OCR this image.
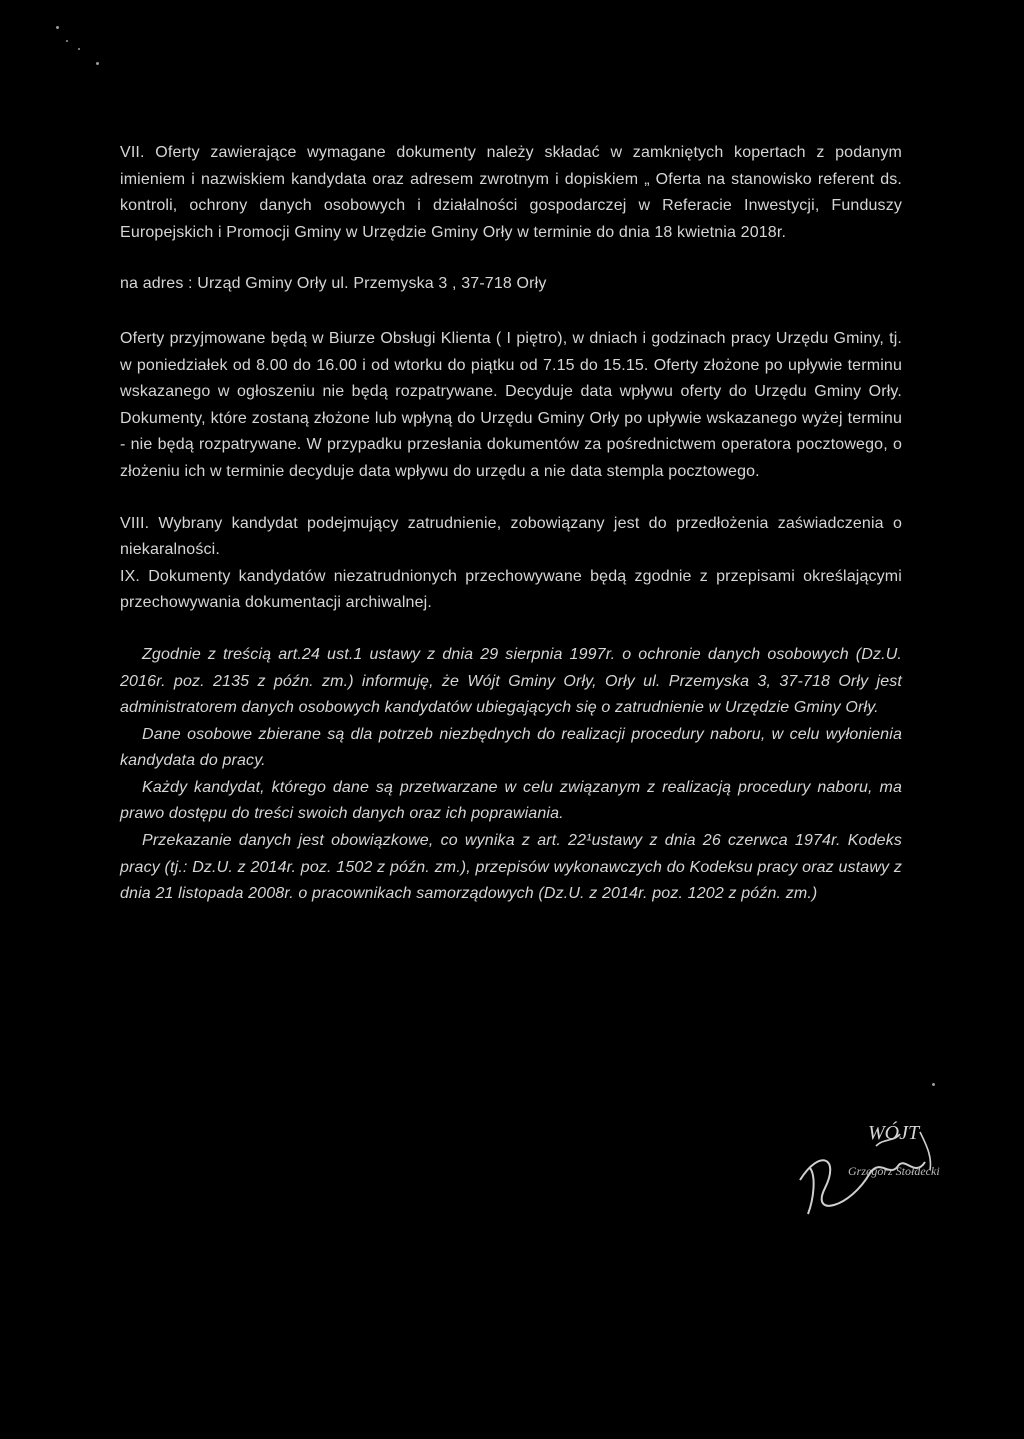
VII. Oferty zawierające wymagane dokumenty należy składać w zamkniętych kopertach z podanym imieniem i nazwiskiem kandydata oraz adresem zwrotnym i dopiskiem „ Oferta na stanowisko referent ds. kontroli, ochrony danych osobowych i działalności gospodarczej w Referacie Inwestycji, Funduszy Europejskich i Promocji Gminy w Urzędzie Gminy Orły w terminie do dnia 18 kwietnia 2018r.

na adres : Urząd Gminy Orły ul. Przemyska 3 , 37-718 Orły

Oferty przyjmowane będą w Biurze Obsługi Klienta ( I piętro), w dniach i godzinach pracy Urzędu Gminy, tj. w poniedziałek od 8.00 do 16.00 i od wtorku do piątku od 7.15 do 15.15. Oferty złożone po upływie terminu wskazanego w ogłoszeniu nie będą rozpatrywane. Decyduje data wpływu oferty do Urzędu Gminy Orły. Dokumenty, które zostaną złożone lub wpłyną do Urzędu Gminy Orły po upływie wskazanego wyżej terminu - nie będą rozpatrywane. W przypadku przesłania dokumentów za pośrednictwem operatora pocztowego, o złożeniu ich w terminie decyduje data wpływu do urzędu a nie data stempla pocztowego.

VIII. Wybrany kandydat podejmujący zatrudnienie, zobowiązany jest do przedłożenia zaświadczenia o niekaralności.

IX. Dokumenty kandydatów niezatrudnionych przechowywane będą zgodnie z przepisami określającymi przechowywania dokumentacji archiwalnej.

Zgodnie z treścią art.24 ust.1 ustawy z dnia 29 sierpnia 1997r. o ochronie danych osobowych (Dz.U. 2016r. poz. 2135 z późn. zm.) informuję, że Wójt Gminy Orły, Orły ul. Przemyska 3, 37-718 Orły jest administratorem danych osobowych kandydatów ubiegających się o zatrudnienie w Urzędzie Gminy Orły.

Dane osobowe zbierane są dla potrzeb niezbędnych do realizacji procedury naboru, w celu wyłonienia kandydata do pracy.

Każdy kandydat, którego dane są przetwarzane w celu związanym z realizacją procedury naboru, ma prawo dostępu do treści swoich danych oraz ich poprawiania.

Przekazanie danych jest obowiązkowe, co wynika z art. 22¹ustawy z dnia 26 czerwca 1974r. Kodeks pracy (tj.: Dz.U. z 2014r. poz. 1502 z późn. zm.), przepisów wykonawczych do Kodeksu pracy oraz ustawy z dnia 21 listopada 2008r. o pracownikach samorządowych (Dz.U. z 2014r. poz. 1202 z późn. zm.)

WÓJT
Grzegorz Stołdecki
